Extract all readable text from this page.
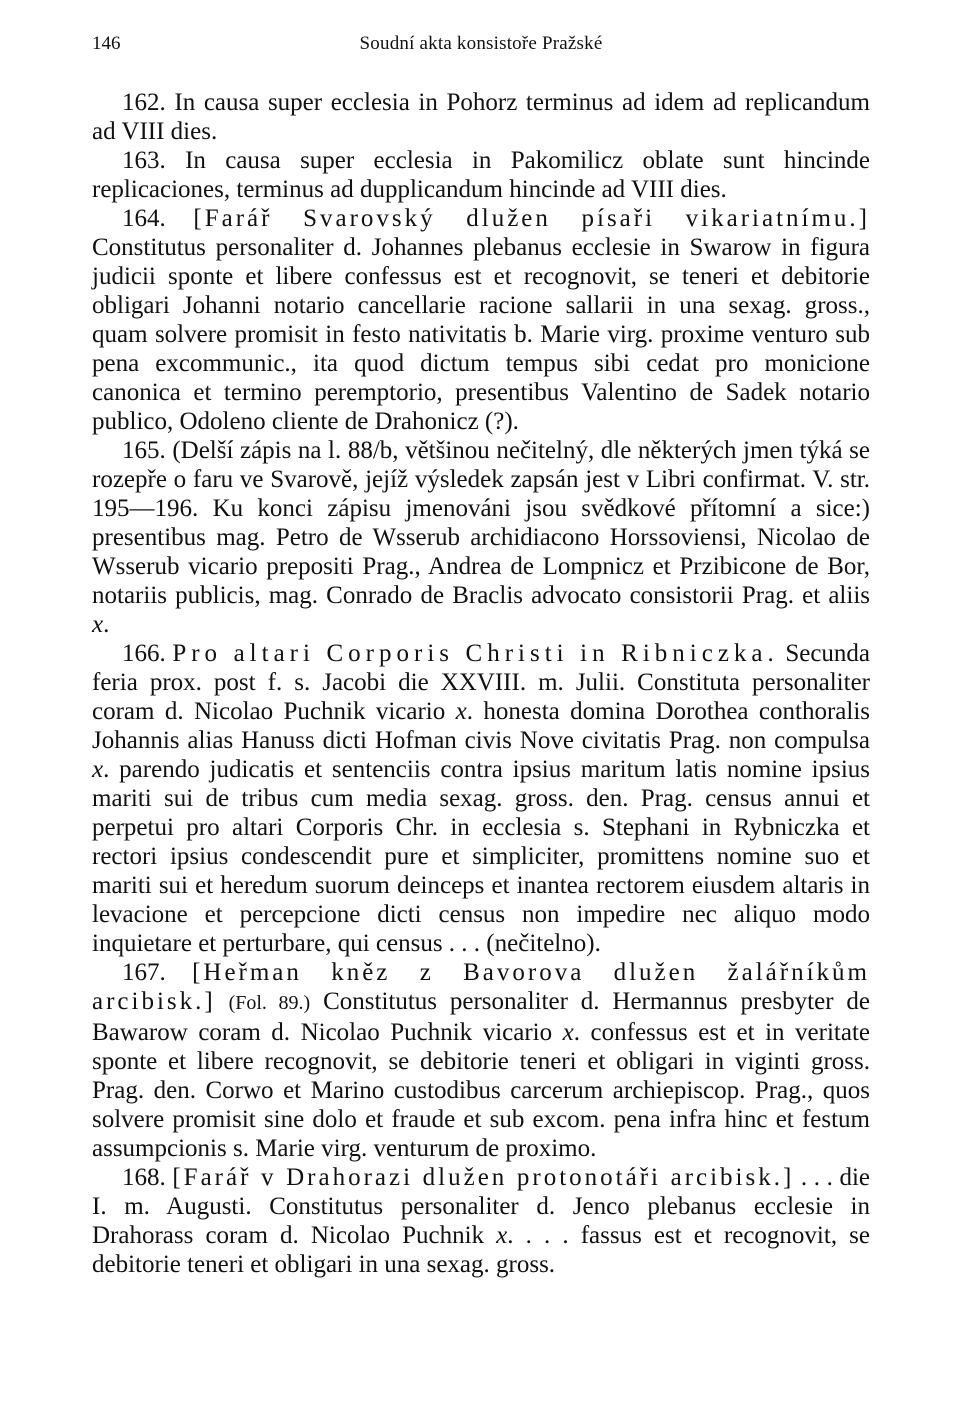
146	Soudní akta konsistoře Pražské

162. In causa super ecclesia in Pohorz terminus ad idem ad replicandum ad VIII dies.

163. In causa super ecclesia in Pakomilicz oblate sunt hincinde replicaciones, terminus ad dupplicandum hincinde ad VIII dies.

164. [Farář Svarovský dlužen písaři vikariatnímu.] Constitutus personaliter d. Johannes plebanus ecclesie in Swarow in figura judicii sponte et libere confessus est et recognovit, se teneri et debitorie obligari Johanni notario cancellarie racione sallarii in una sexag. gross., quam solvere promisit in festo nativitatis b. Marie virg. proxime venturo sub pena excommunic., ita quod dictum tempus sibi cedat pro monicione canonica et termino peremptorio, presentibus Valentino de Sadek notario publico, Odoleno cliente de Drahonicz (?).

165. (Delší zápis na l. 88/b, většinou nečitelný, dle některých jmen týká se rozepře o faru ve Svarově, jejíž výsledek zapsán jest v Libri confirmat. V. str. 195—196. Ku konci zápisu jmenováni jsou svědkové přítomní a sice:) presentibus mag. Petro de Wsserub archidiacono Horssoviensi, Nicolao de Wsserub vicario prepositi Prag., Andrea de Lompnicz et Przibicone de Bor, notariis publicis, mag. Conrado de Braclis advocato consistorii Prag. et aliis x.

166. Pro altari Corporis Christi in Ribniczka. Secunda feria prox. post f. s. Jacobi die XXVIII. m. Julii. Constituta personaliter coram d. Nicolao Puchnik vicario x. honesta domina Dorothea conthoralis Johannis alias Hanuss dicti Hofman civis Nove civitatis Prag. non compulsa x. parendo judicatis et sentenciis contra ipsius maritum latis nomine ipsius mariti sui de tribus cum media sexag. gross. den. Prag. census annui et perpetui pro altari Corporis Chr. in ecclesia s. Stephani in Rybniczka et rectori ipsius condescendit pure et simpliciter, promittens nomine suo et mariti sui et heredum suorum deinceps et inantea rectorem eiusdem altaris in levacione et percepcione dicti census non impedire nec aliquo modo inquietare et perturbare, qui census . . . (nečitelno).

167. [Heřman kněz z Bavorova dlužen žalářníkům arcibisk.] (Fol. 89.) Constitutus personaliter d. Hermannus presbyter de Bawarow coram d. Nicolao Puchnik vicario x. confessus est et in veritate sponte et libere recognovit, se debitorie teneri et obligari in viginti gross. Prag. den. Corwo et Marino custodibus carcerum archiepiscop. Prag., quos solvere promisit sine dolo et fraude et sub excom. pena infra hinc et festum assumpcionis s. Marie virg. venturum de proximo.

168. [Farář v Drahorazi dlužen protonotáři arcibisk.] . . . die I. m. Augusti. Constitutus personaliter d. Jenco plebanus ecclesie in Drahorass coram d. Nicolao Puchnik x. . . . fassus est et recognovit, se debitorie teneri et obligari in una sexag. gross.
